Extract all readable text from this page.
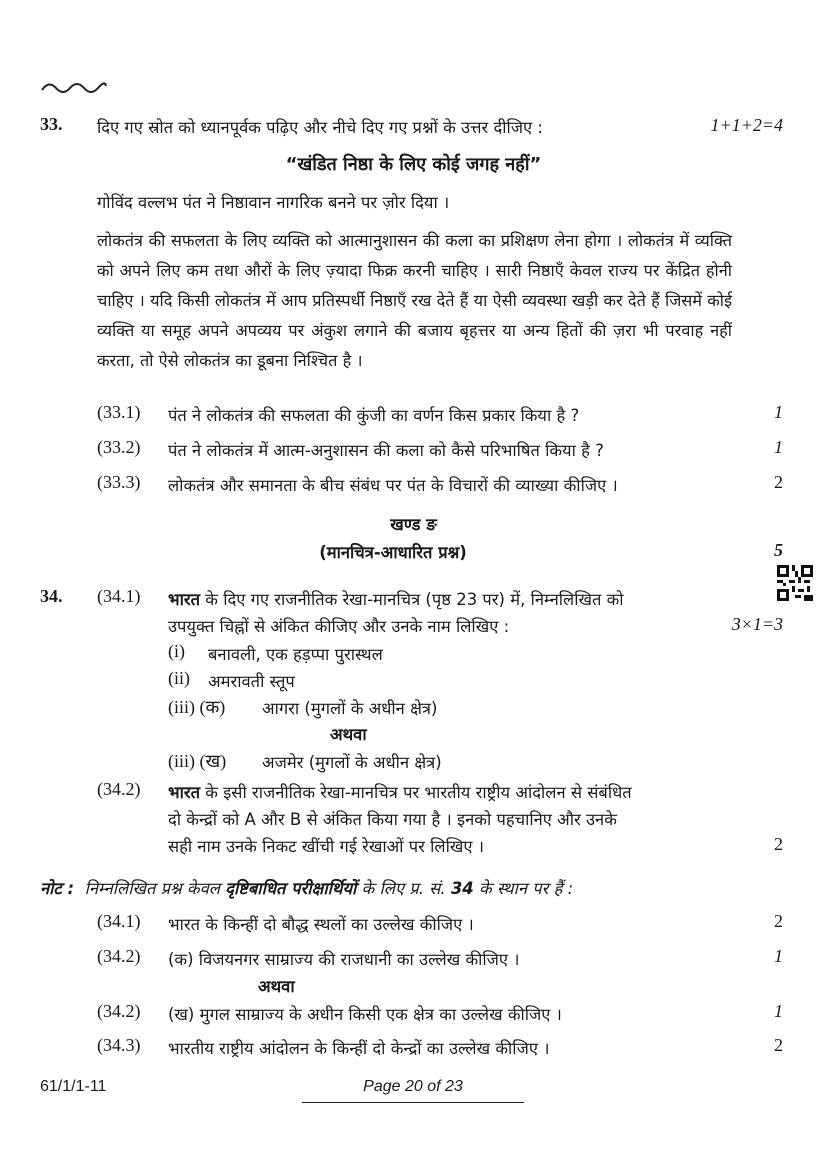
33. दिए गए स्रोत को ध्यानपूर्वक पढ़िए और नीचे दिए गए प्रश्नों के उत्तर दीजिए :	1+1+2=4
“खंडित निष्ठा के लिए कोई जगह नहीं”
गोविंद वल्लभ पंत ने निष्ठावान नागरिक बनने पर ज़ोर दिया ।
लोकतंत्र की सफलता के लिए व्यक्ति को आत्मानुशासन की कला का प्रशिक्षण लेना होगा । लोकतंत्र में व्यक्ति को अपने लिए कम तथा औरों के लिए ज़्यादा फिक्र करनी चाहिए । सारी निष्ठाएँ केवल राज्य पर केंद्रित होनी चाहिए । यदि किसी लोकतंत्र में आप प्रतिस्पर्धी निष्ठाएँ रख देते हैं या ऐसी व्यवस्था खड़ी कर देते हैं जिसमें कोई व्यक्ति या समूह अपने अपव्यय पर अंकुश लगाने की बजाय बृहत्तर या अन्य हितों की ज़रा भी परवाह नहीं करता, तो ऐसे लोकतंत्र का डूबना निश्चित है ।
(33.1) पंत ने लोकतंत्र की सफलता की कुंजी का वर्णन किस प्रकार किया है ?	1
(33.2) पंत ने लोकतंत्र में आत्म-अनुशासन की कला को कैसे परिभाषित किया है ?	1
(33.3) लोकतंत्र और समानता के बीच संबंध पर पंत के विचारों की व्याख्या कीजिए ।	2
खण्ड ङ
(मानचित्र-आधारित प्रश्न)	5
34. (34.1) भारत के दिए गए राजनीतिक रेखा-मानचित्र (पृष्ठ 23 पर) में, निम्नलिखित को
उपयुक्त चिह्नों से अंकित कीजिए और उनके नाम लिखिए :	3×1=3
(i) बनावली, एक हड़प्पा पुरास्थल
(ii) अमरावती स्तूप
(iii) (क) आगरा (मुगलों के अधीन क्षेत्र)
अथवा
(iii) (ख) अजमेर (मुगलों के अधीन क्षेत्र)
(34.2) भारत के इसी राजनीतिक रेखा-मानचित्र पर भारतीय राष्ट्रीय आंदोलन से संबंधित
दो केन्द्रों को A और B से अंकित किया गया है । इनको पहचानिए और उनके
सही नाम उनके निकट खींची गई रेखाओं पर लिखिए ।	2
नोट : निम्नलिखित प्रश्न केवल दृष्टिबाधित परीक्षार्थियों के लिए प्र. सं. 34 के स्थान पर हैं :
(34.1) भारत के किन्हीं दो बौद्ध स्थलों का उल्लेख कीजिए ।	2
(34.2) (क) विजयनगर साम्राज्य की राजधानी का उल्लेख कीजिए ।	1
अथवा
(34.2) (ख) मुगल साम्राज्य के अधीन किसी एक क्षेत्र का उल्लेख कीजिए ।	1
(34.3) भारतीय राष्ट्रीय आंदोलन के किन्हीं दो केन्द्रों का उल्लेख कीजिए ।	2
61/1/1-11	Page 20 of 23
